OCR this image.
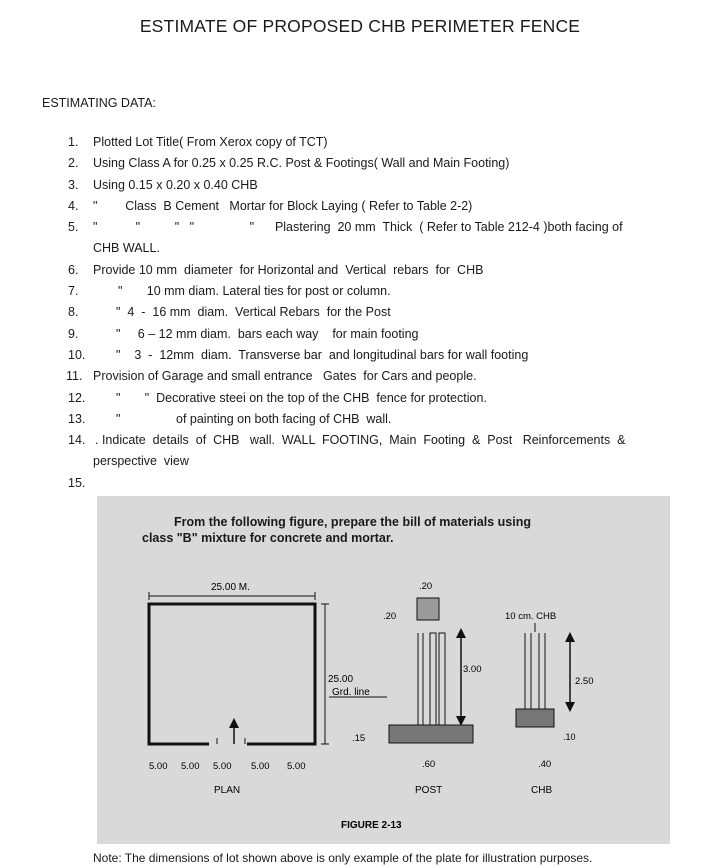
ESTIMATE OF PROPOSED CHB PERIMETER FENCE
ESTIMATING DATA:
1. Plotted Lot Title( From Xerox copy of TCT)
2. Using Class A for 0.25 x 0.25 R.C. Post & Footings( Wall and Main Footing)
3. Using 0.15 x 0.20 x 0.40 CHB
4. "        Class  B Cement   Mortar for Block Laying ( Refer to Table 2-2)
5. "           "          "   "                "      Plastering  20 mm  Thick  ( Refer to Table 212-4 )both facing of
CHB WALL.
6. Provide 10 mm  diameter  for Horizontal and  Vertical  rebars  for  CHB
7.	"       10 mm diam. Lateral ties for post or column.
8.	"  4  -  16 mm  diam.  Vertical Rebars  for the Post
9.	"     6 – 12 mm diam.  bars each way    for main footing
10. "    3  -  12mm  diam.  Transverse bar  and longitudinal bars for wall footing
11. Provision of Garage and small entrance   Gates  for Cars and people.
12. "       "  Decorative steei on the top of the CHB  fence for protection.
13. "                of painting on both facing of CHB  wall.
14. . Indicate  details  of  CHB   wall.  WALL  FOOTING,  Main  Footing  &  Post   Reinforcements  &
perspective  view
15.
From the following figure, prepare the bill of materials using
class "B" mixture for concrete and mortar.
25.00 M.
25.00
Grd. line
5.00 5.00 5.00 5.00 5.00
PLAN
.20
.20
3.00
.15
.60
POST
10 cm. CHB
2.50
.10
.40
CHB
FIGURE 2-13
Note: The dimensions of lot shown above is only example of the plate for illustration purposes.
